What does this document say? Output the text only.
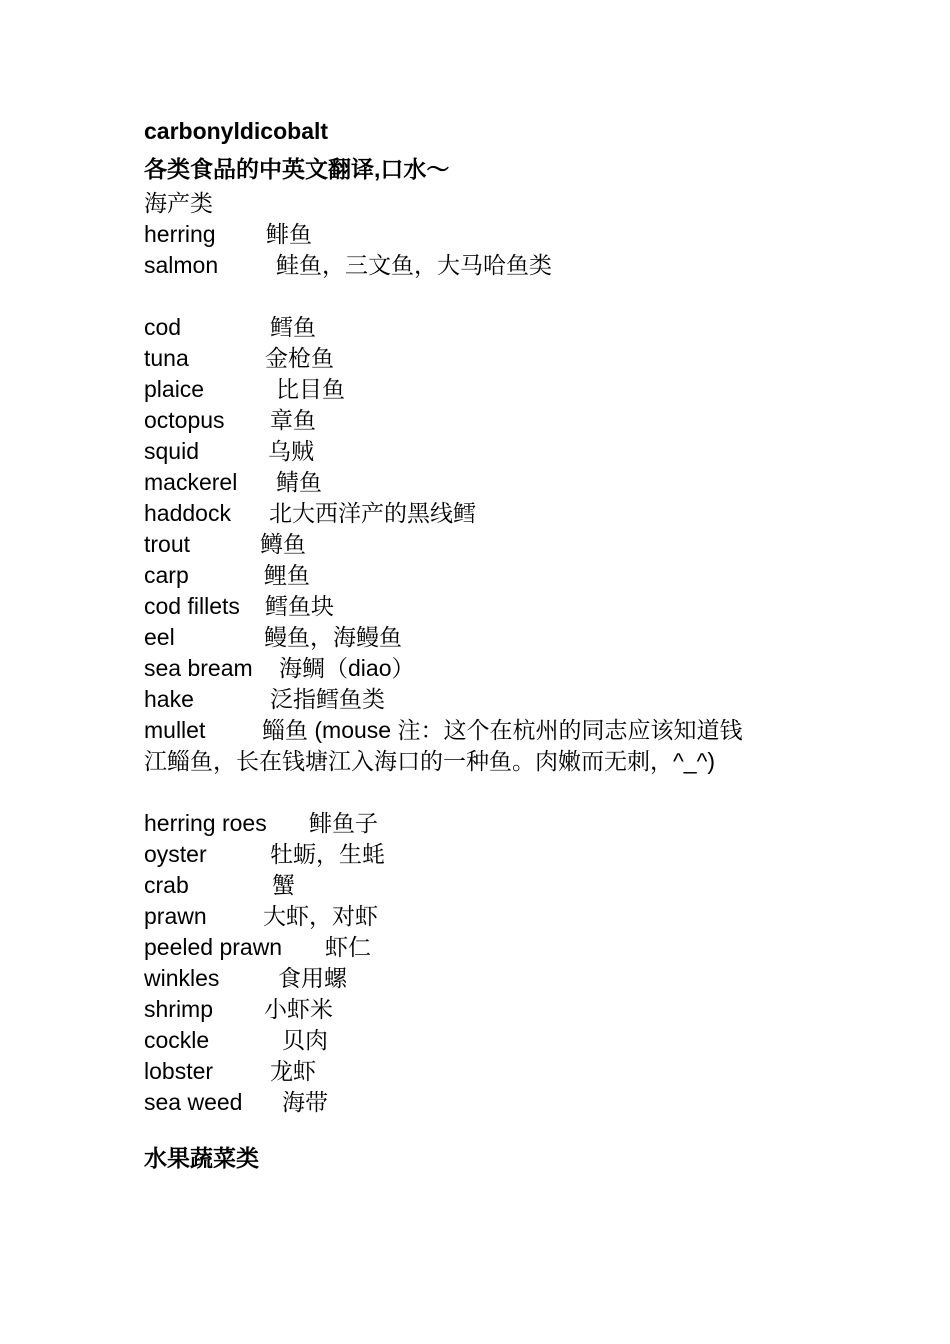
carbonyldicobalt
各类食品的中英文翻译,口水～
海产类
herring 鲱鱼
salmon	鲑鱼，三文鱼，大马哈鱼类
cod	鳕鱼
tuna	金枪鱼
plaice	比目鱼
octopus 章鱼
squid	乌贼
mackerel 鲭鱼
haddock 北大西洋产的黑线鳕
trout	鳟鱼
carp	鲤鱼
cod fillets 鳕鱼块
eel	鳗鱼，海鳗鱼
sea bream 海鲷（diao）
hake	泛指鳕鱼类
mullet 鲻鱼 (mouse 注：这个在杭州的同志应该知道钱
江鲻鱼，长在钱塘江入海口的一种鱼。肉嫩而无刺，^_^)
herring roes 鲱鱼子
oyster	牡蛎，生蚝
crab	蟹
prawn 大虾，对虾
peeled prawn 虾仁
winkles	食用螺
shrimp 小虾米
cockle	贝肉
lobster 龙虾
sea weed 海带
水果蔬菜类
